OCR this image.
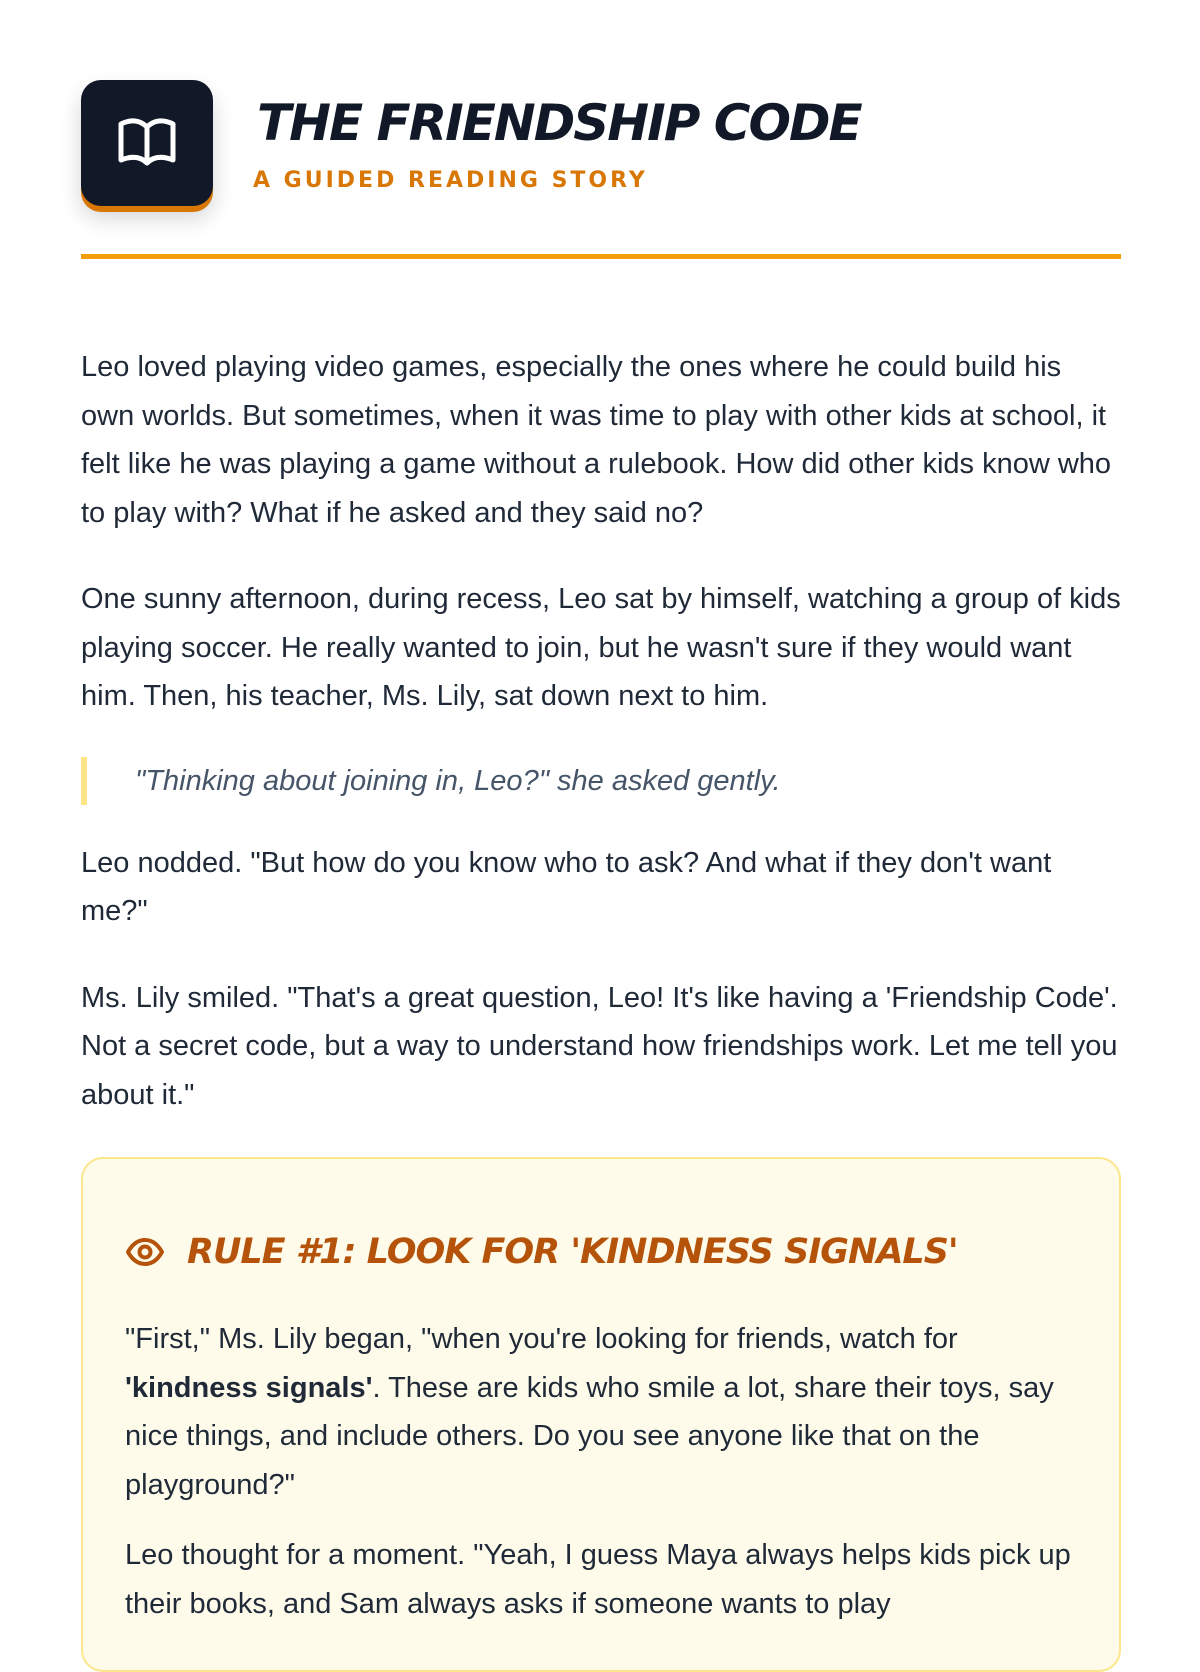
THE FRIENDSHIP CODE
A GUIDED READING STORY

Leo loved playing video games, especially the ones where he could build his own worlds. But sometimes, when it was time to play with other kids at school, it felt like he was playing a game without a rulebook. How did other kids know who to play with? What if he asked and they said no?

One sunny afternoon, during recess, Leo sat by himself, watching a group of kids playing soccer. He really wanted to join, but he wasn't sure if they would want him. Then, his teacher, Ms. Lily, sat down next to him.

"Thinking about joining in, Leo?" she asked gently.

Leo nodded. "But how do you know who to ask? And what if they don't want me?"

Ms. Lily smiled. "That's a great question, Leo! It's like having a 'Friendship Code'. Not a secret code, but a way to understand how friendships work. Let me tell you about it."

RULE #1: LOOK FOR 'KINDNESS SIGNALS'

"First," Ms. Lily began, "when you're looking for friends, watch for 'kindness signals'. These are kids who smile a lot, share their toys, say nice things, and include others. Do you see anyone like that on the playground?"

Leo thought for a moment. "Yeah, I guess Maya always helps kids pick up their books, and Sam always asks if someone wants to play
